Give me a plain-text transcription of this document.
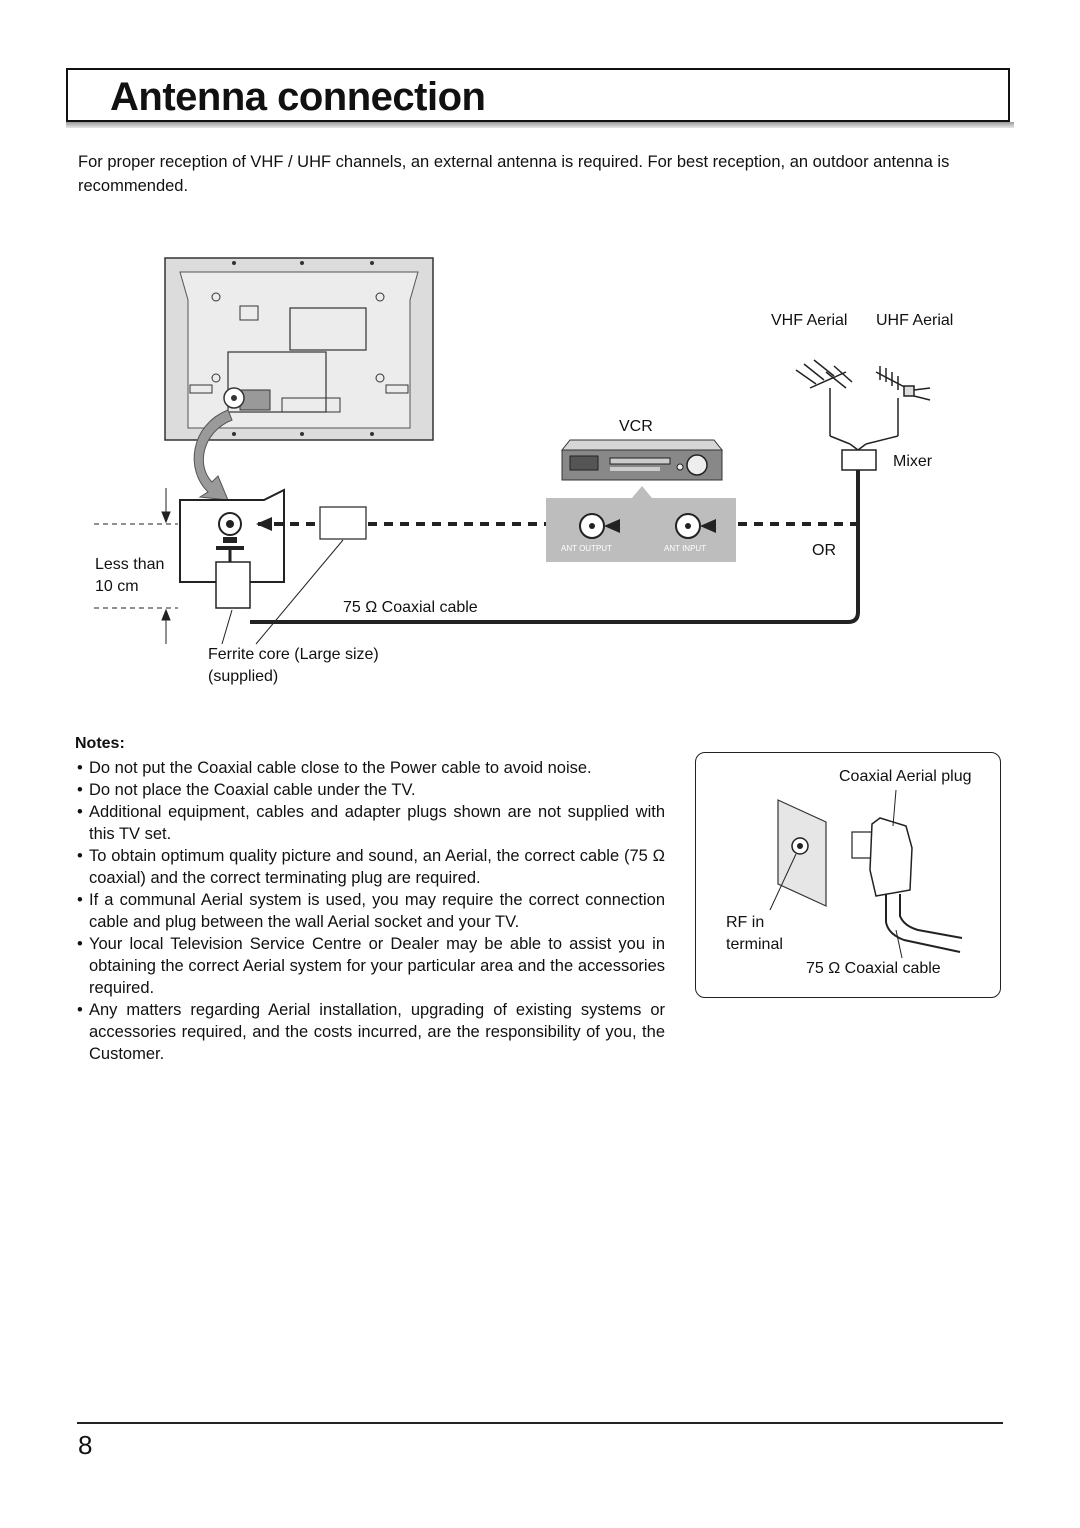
Antenna connection

For proper reception of VHF / UHF channels, an external antenna is required. For best reception, an outdoor antenna is recommended.

Less than
10 cm
VCR
ANT OUTPUT	ANT INPUT
VHF Aerial UHF Aerial
Mixer
OR
75 Ω Coaxial cable
Ferrite core (Large size)
(supplied)
Coaxial Aerial plug
RF in
terminal
75 Ω Coaxial cable
Notes:
• Do not put the Coaxial cable close to the Power cable to avoid noise.
• Do not place the Coaxial cable under the TV.
• Additional equipment, cables and adapter plugs shown are not supplied with this TV set.
• To obtain optimum quality picture and sound, an Aerial, the correct cable (75 Ω coaxial) and the correct terminating plug are required.
• If a communal Aerial system is used, you may require the correct connection cable and plug between the wall Aerial socket and your TV.
• Your local Television Service Centre or Dealer may be able to assist you in obtaining the correct Aerial system for your particular area and the accessories required.
• Any matters regarding Aerial installation, upgrading of existing systems or accessories required, and the costs incurred, are the responsibility of you, the Customer.
8
